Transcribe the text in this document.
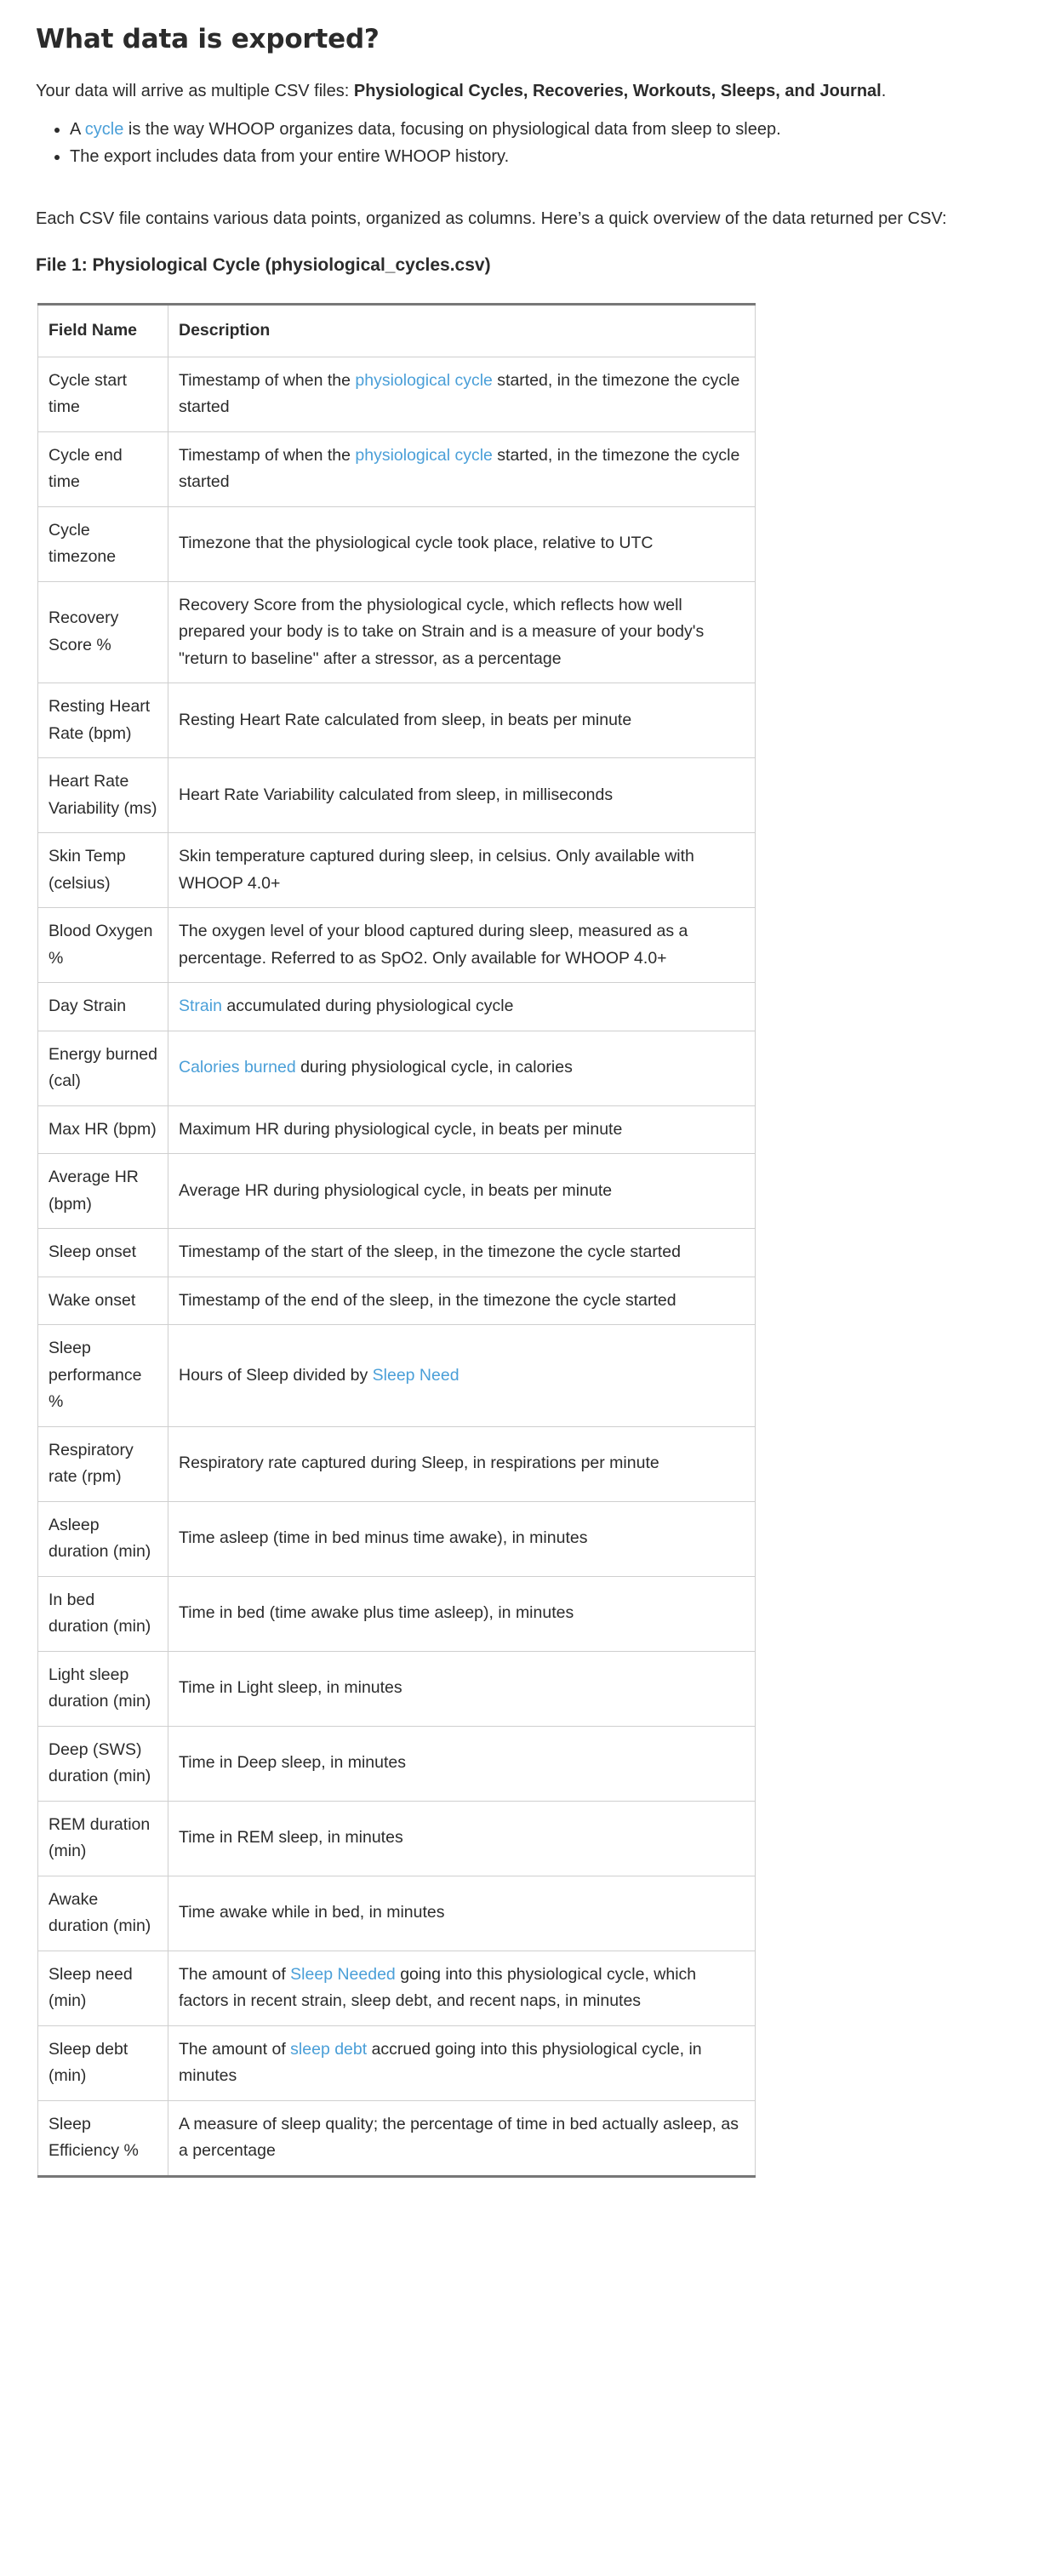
What data is exported?

Your data will arrive as multiple CSV files: Physiological Cycles, Recoveries, Workouts, Sleeps, and Journal.

• A cycle is the way WHOOP organizes data, focusing on physiological data from sleep to sleep.
• The export includes data from your entire WHOOP history.

Each CSV file contains various data points, organized as columns. Here’s a quick overview of the data returned per CSV:

File 1: Physiological Cycle (physiological_cycles.csv)
Field Name	Description
Cycle start time	Timestamp of when the physiological cycle started, in the timezone the cycle started
Cycle end time	Timestamp of when the physiological cycle started, in the timezone the cycle started
Cycle timezone	Timezone that the physiological cycle took place, relative to UTC
Recovery Score %	Recovery Score from the physiological cycle, which reflects how well prepared your body is to take on Strain and is a measure of your body's "return to baseline" after a stressor, as a percentage
Resting Heart Rate (bpm)	Resting Heart Rate calculated from sleep, in beats per minute
Heart Rate Variability (ms)	Heart Rate Variability calculated from sleep, in milliseconds
Skin Temp (celsius)	Skin temperature captured during sleep, in celsius. Only available with WHOOP 4.0+
Blood Oxygen %	The oxygen level of your blood captured during sleep, measured as a percentage. Referred to as SpO2. Only available for WHOOP 4.0+
Day Strain	Strain accumulated during physiological cycle
Energy burned (cal)	Calories burned during physiological cycle, in calories
Max HR (bpm)	Maximum HR during physiological cycle, in beats per minute
Average HR (bpm)	Average HR during physiological cycle, in beats per minute
Sleep onset	Timestamp of the start of the sleep, in the timezone the cycle started
Wake onset	Timestamp of the end of the sleep, in the timezone the cycle started
Sleep performance %	Hours of Sleep divided by Sleep Need
Respiratory rate (rpm)	Respiratory rate captured during Sleep, in respirations per minute
Asleep duration (min)	Time asleep (time in bed minus time awake), in minutes
In bed duration (min)	Time in bed (time awake plus time asleep), in minutes
Light sleep duration (min)	Time in Light sleep, in minutes
Deep (SWS) duration (min)	Time in Deep sleep, in minutes
REM duration (min)	Time in REM sleep, in minutes
Awake duration (min)	Time awake while in bed, in minutes
Sleep need (min)	The amount of Sleep Needed going into this physiological cycle, which factors in recent strain, sleep debt, and recent naps, in minutes
Sleep debt (min)	The amount of sleep debt accrued going into this physiological cycle, in minutes
Sleep Efficiency %	A measure of sleep quality; the percentage of time in bed actually asleep, as a percentage
